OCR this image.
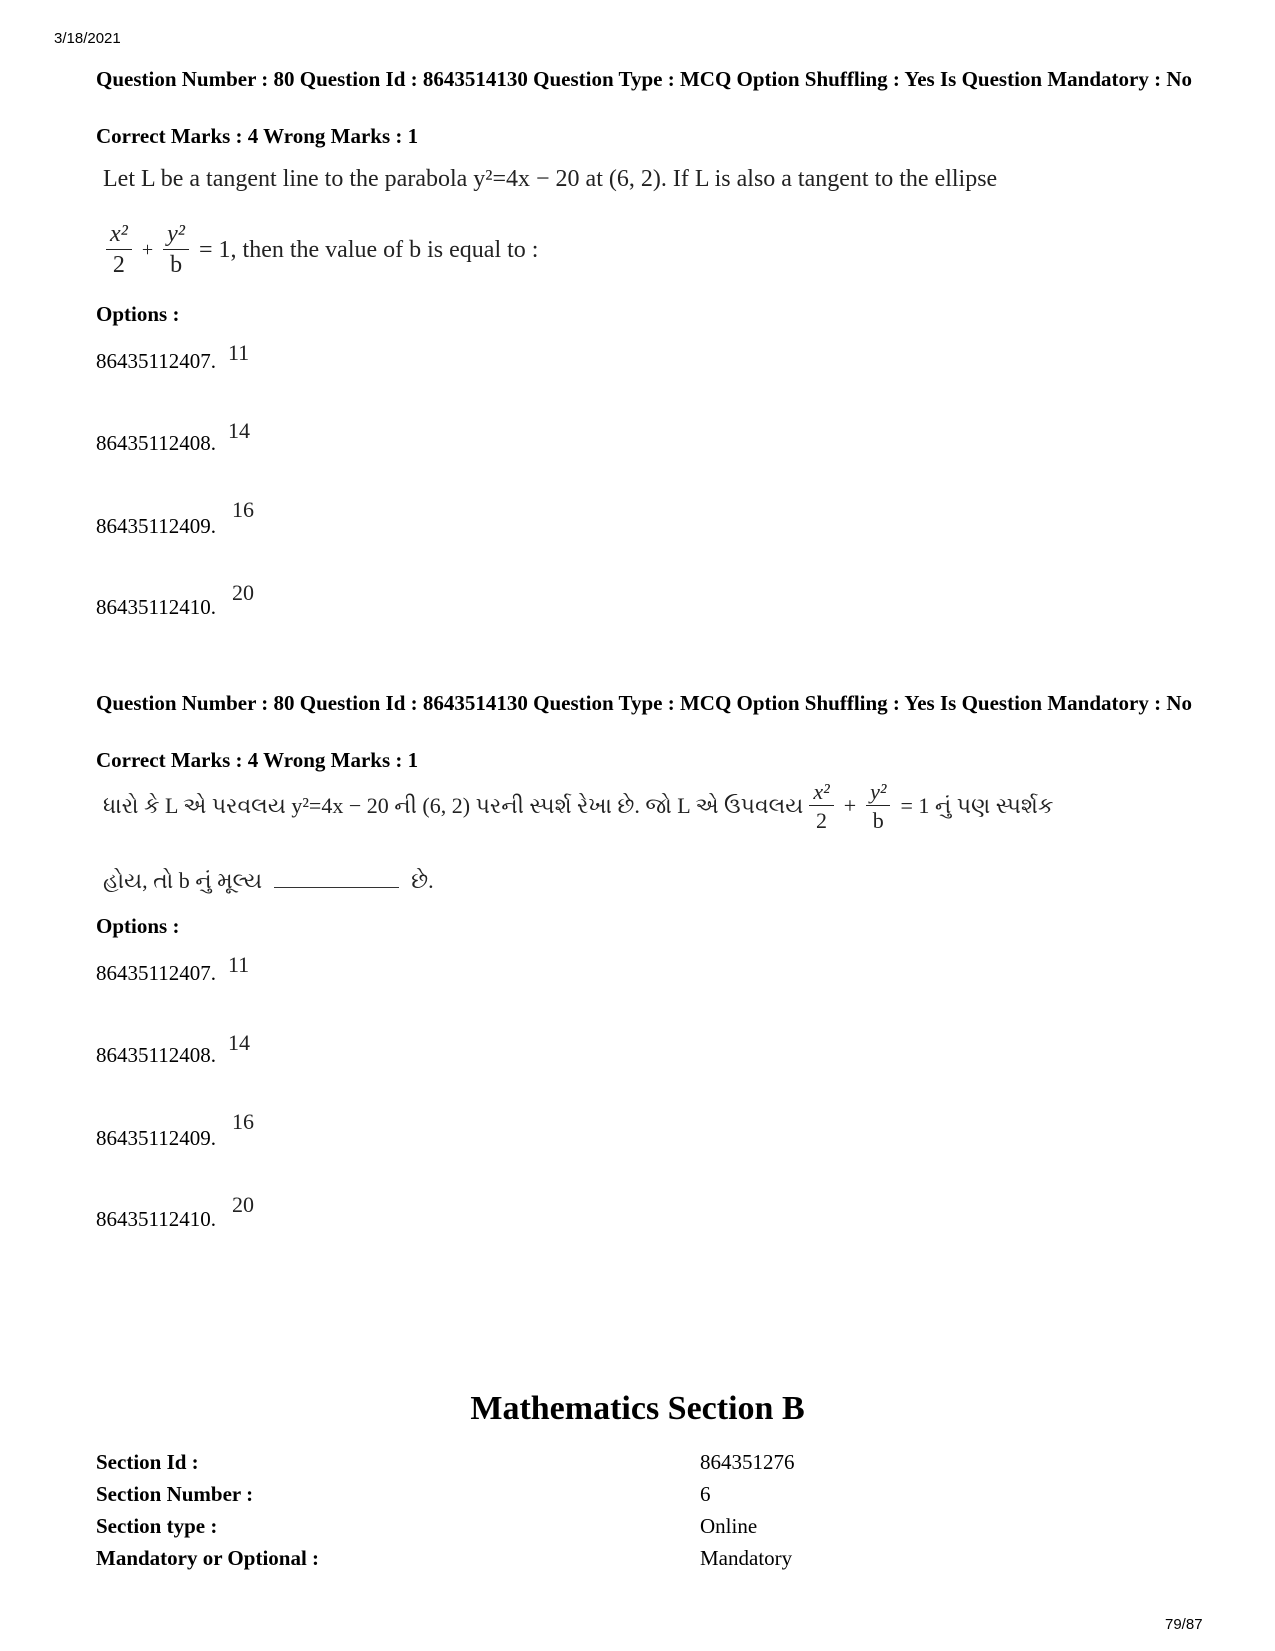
3/18/2021
Question Number : 80 Question Id : 8643514130 Question Type : MCQ Option Shuffling : Yes Is Question Mandatory : No
Correct Marks : 4 Wrong Marks : 1
Let L be a tangent line to the parabola y²=4x − 20 at (6, 2). If L is also a tangent to the ellipse
$\frac{\text{x²}}{2} + \frac{\text{y²}}{b} = 1$, then the value of b is equal to :
Options :
86435112407. 11
86435112408. 14
86435112409. 16
86435112410. 20
Question Number : 80 Question Id : 8643514130 Question Type : MCQ Option Shuffling : Yes Is Question Mandatory : No
Correct Marks : 4 Wrong Marks : 1
ધારો કે L એ પરવલય y²=4x − 20 ની (6, 2) પરની સ્પર્શ રેખા છે. જો L એ ઉપવલય $\frac{\text{x²}}{2} + \frac{\text{y²}}{b} = 1$ નું પણ સ્પર્શક
હોય, તો b નું મૂલ્ય	છે.
Options :
86435112407. 11
86435112408. 14
86435112409. 16
86435112410. 20
Mathematics Section B
Section Id :	864351276
Section Number :	6
Section type :	Online
Mandatory or Optional :	Mandatory
79/87
